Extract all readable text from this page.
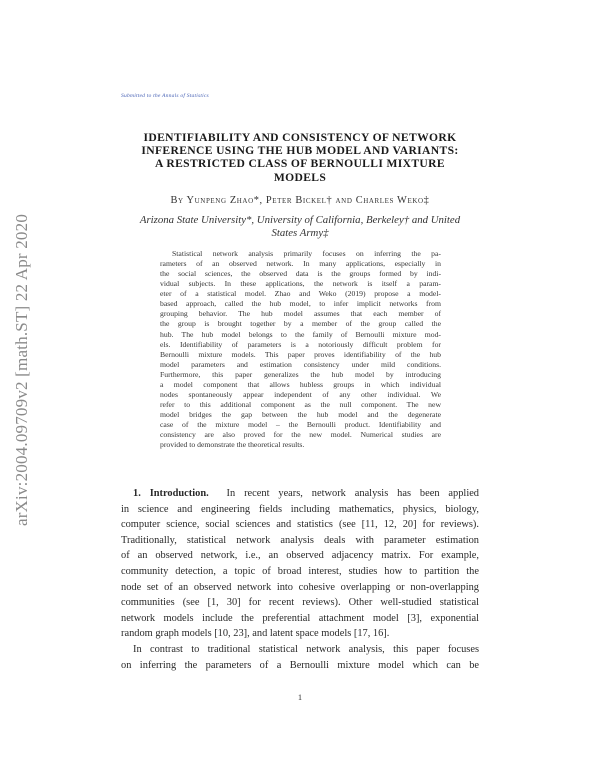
arXiv:2004.09709v2 [math.ST] 22 Apr 2020
Submitted to the Annals of Statistics
IDENTIFIABILITY AND CONSISTENCY OF NETWORK
INFERENCE USING THE HUB MODEL AND VARIANTS:
A RESTRICTED CLASS OF BERNOULLI MIXTURE
MODELS
By Yunpeng Zhao*, Peter Bickel† and Charles Weko‡
Arizona State University*, University of California, Berkeley† and United
States Army‡
Statistical network analysis primarily focuses on inferring the pa-
rameters of an observed network. In many applications, especially in
the social sciences, the observed data is the groups formed by indi-
vidual subjects. In these applications, the network is itself a param-
eter of a statistical model. Zhao and Weko (2019) propose a model-
based approach, called the hub model, to infer implicit networks from
grouping behavior. The hub model assumes that each member of
the group is brought together by a member of the group called the
hub. The hub model belongs to the family of Bernoulli mixture mod-
els. Identifiability of parameters is a notoriously difficult problem for
Bernoulli mixture models. This paper proves identifiability of the hub
model parameters and estimation consistency under mild conditions.
Furthermore, this paper generalizes the hub model by introducing
a model component that allows hubless groups in which individual
nodes spontaneously appear independent of any other individual. We
refer to this additional component as the null component. The new
model bridges the gap between the hub model and the degenerate
case of the mixture model – the Bernoulli product. Identifiability and
consistency are also proved for the new model. Numerical studies are
provided to demonstrate the theoretical results.
1. Introduction. In recent years, network analysis has been applied
in science and engineering fields including mathematics, physics, biology,
computer science, social sciences and statistics (see [11, 12, 20] for reviews).
Traditionally, statistical network analysis deals with parameter estimation
of an observed network, i.e., an observed adjacency matrix. For example,
community detection, a topic of broad interest, studies how to partition the
node set of an observed network into cohesive overlapping or non-overlapping
communities (see [1, 30] for recent reviews). Other well-studied statistical
network models include the preferential attachment model [3], exponential
random graph models [10, 23], and latent space models [17, 16].
In contrast to traditional statistical network analysis, this paper focuses
on inferring the parameters of a Bernoulli mixture model which can be
1
